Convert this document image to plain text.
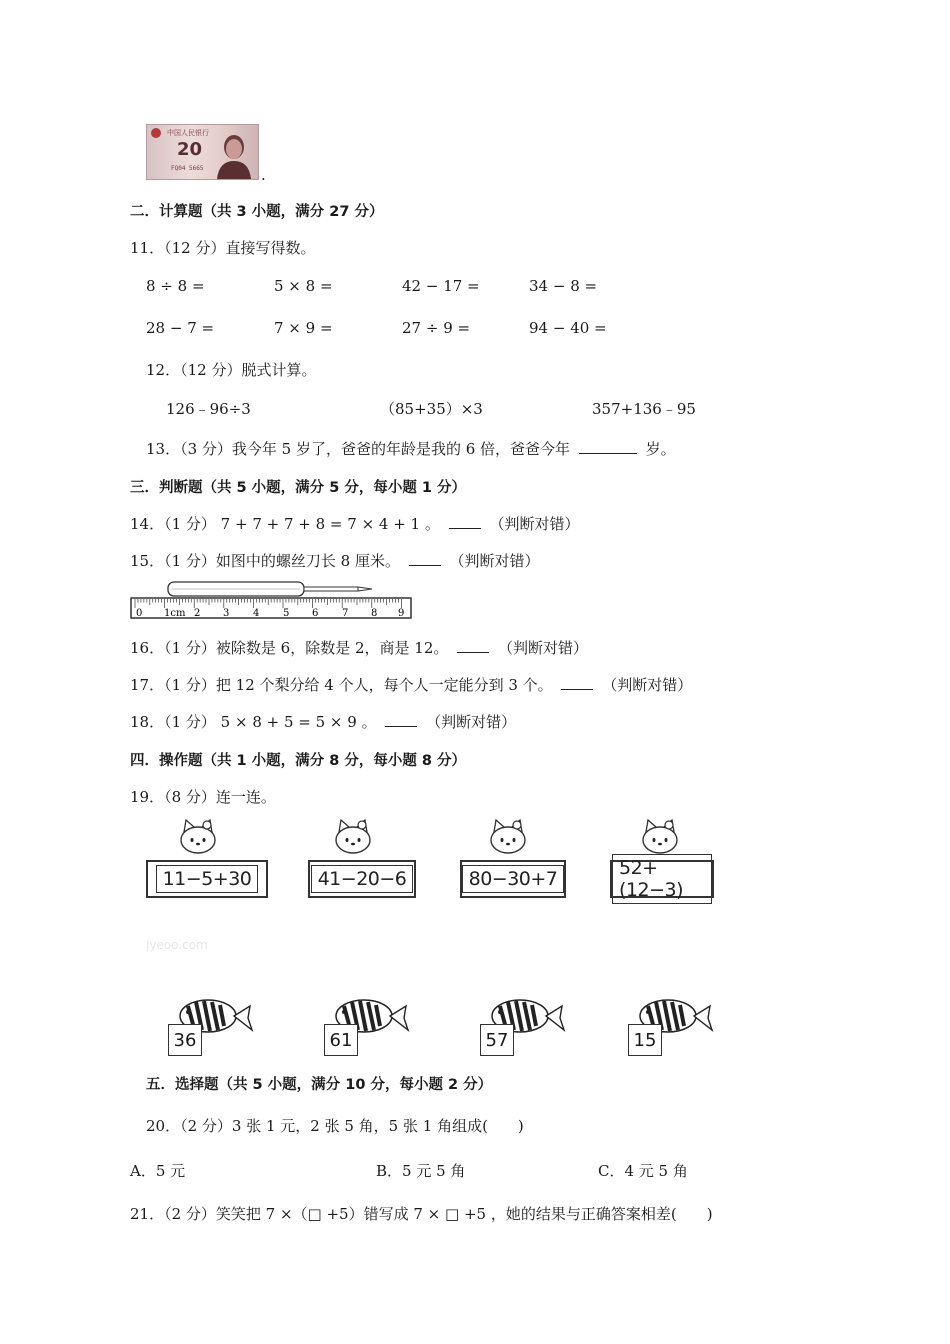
中国人民银行
20
FQ04 5665	.
二．计算题（共 3 小题，满分 27 分）
11．（12 分）直接写得数。
8 ÷ 8 =	5 × 8 =	42 − 17 =	34 − 8 =
28 − 7 =	7 × 9 =	27 ÷ 9 =	94 − 40 =
12．（12 分）脱式计算。
126﹣96÷3	（85+35）×3	357+136﹣95
13．（3 分）我今年 5 岁了，爸爸的年龄是我的 6 倍，爸爸今年	岁。
三．判断题（共 5 小题，满分 5 分，每小题 1 分）
14．（1 分） 7 + 7 + 7 + 8 = 7 × 4 + 1 。	（判断对错）
15．（1 分）如图中的螺丝刀长 8 厘米。	（判断对错）
0 1cm 2 3 4 5 6 7 8 9
16．（1 分）被除数是 6，除数是 2，商是 12。	（判断对错）
17．（1 分）把 12 个梨分给 4 个人，每个人一定能分到 3 个。	（判断对错）
18．（1 分） 5 × 8 + 5 = 5 × 9 。	（判断对错）
四．操作题（共 1 小题，满分 8 分，每小题 8 分）
19．（8 分）连一连。
11−5+30	41−20−6	80−30+7	52+(12−3)
jyeoo.com
36	61	57	15
五．选择题（共 5 小题，满分 10 分，每小题 2 分）
20．（2 分）3 张 1 元，2 张 5 角，5 张 1 角组成(　　)
A．5 元	B．5 元 5 角	C．4 元 5 角
21．（2 分）笑笑把 7 ×（□ +5）错写成 7 × □ +5 ，她的结果与正确答案相差(　　)
